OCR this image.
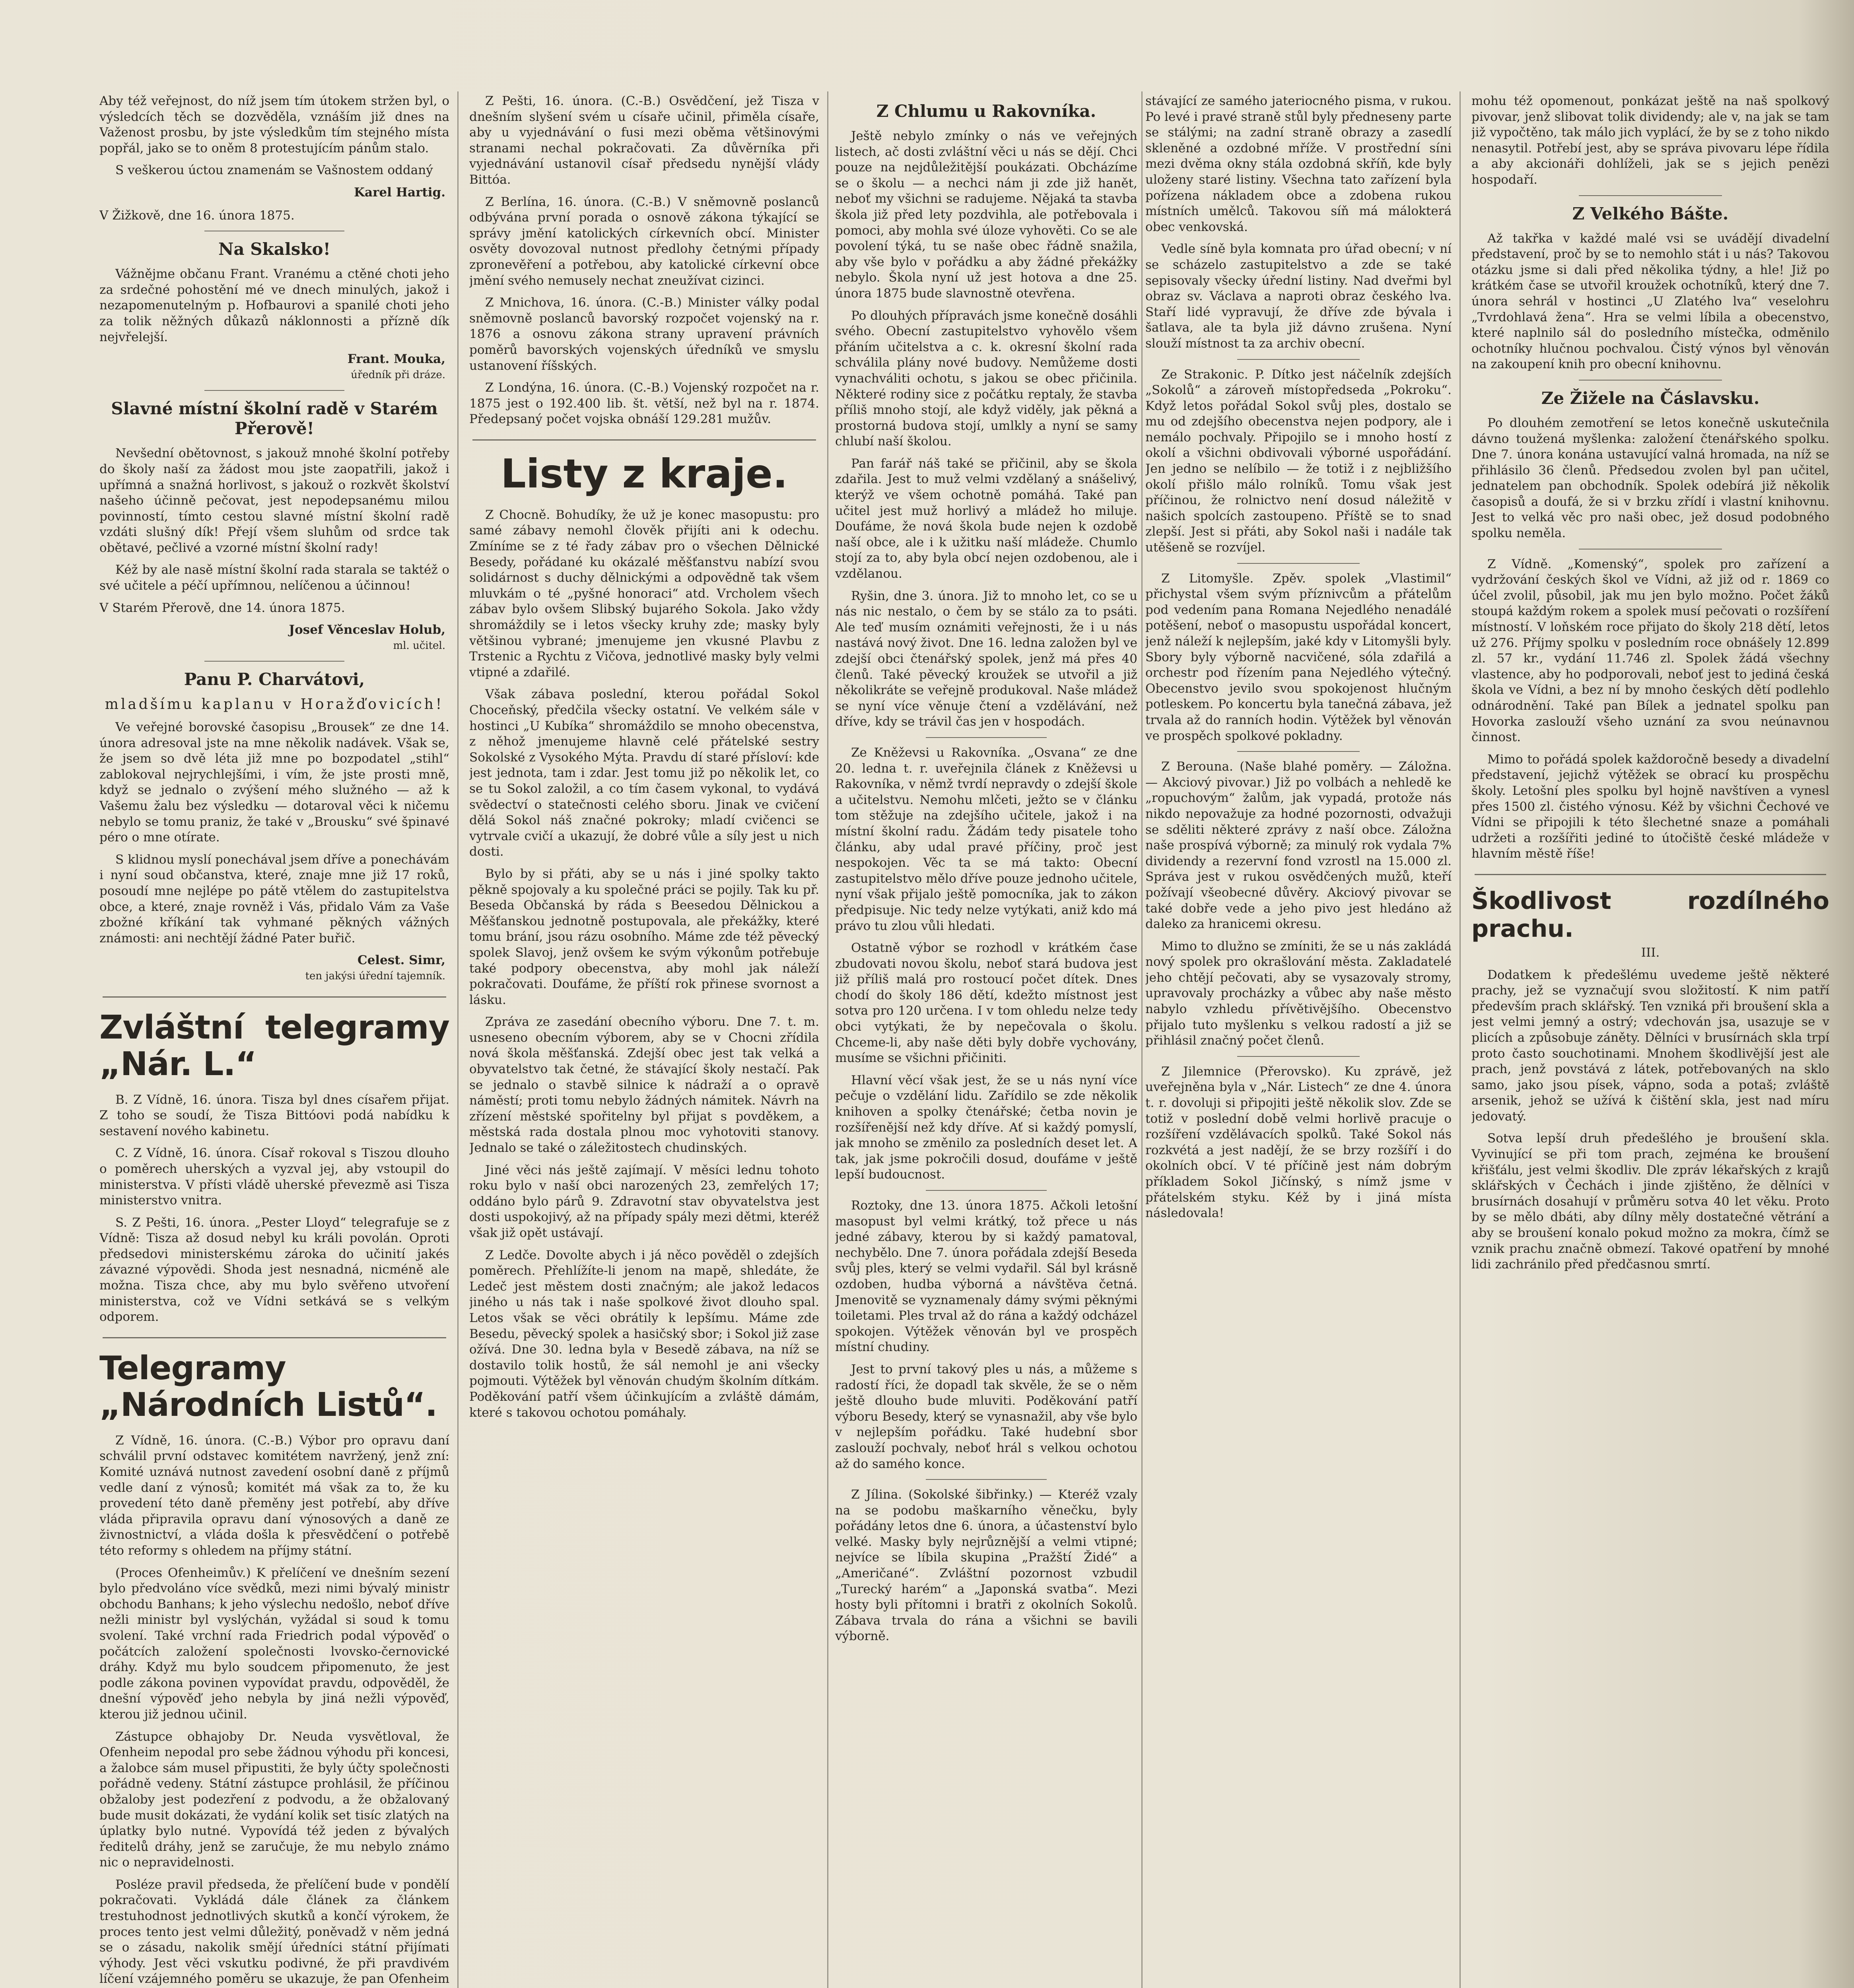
Aby též veřejnost, do níž jsem tím útokem stržen byl, o výsledcích těch se dozvěděla, vznáším již dnes na Važenost prosbu, by jste výsledkům tím stejného místa popřál, jako se to oněm 8 protestujícím pánům stalo.

S veškerou úctou znamenám se Vašnostem oddaný

Karel Hartig.

V Žižkově, dne 16. února 1875.

Na Skalsko!

Vážnějme občanu Frant. Vranému a ctěné choti jeho za srdečné pohostění mé ve dnech minulých, jakož i nezapomenutelným p. Hofbaurovi a spanilé choti jeho za tolik něžných důkazů náklonnosti a přízně dík nejvřelejší.

Frant. Mouka,
úředník při dráze.
Slavné místní školní radě v Starém Přerově!

Nevšední obětovnost, s jakouž mnohé školní potřeby do školy naší za žádost mou jste zaopatřili, jakož i upřímná a snažná horlivost, s jakouž o rozkvět školství našeho účinně pečovat, jest nepodepsanému milou povinností, tímto cestou slavné místní školní radě vzdáti slušný dík! Přejí všem sluhům od srdce tak obětavé, pečlivé a vzorné místní školní rady!

Kéž by ale nasě místní školní rada starala se taktéž o své učitele a péčí upřímnou, nelíčenou a účinnou!

V Starém Přerově, dne 14. února 1875.

Josef Věnceslav Holub,
ml. učitel.
Panu P. Charvátovi,

mladšímu kaplanu v Horažďovicích!

Ve veřejné borovské časopisu „Brousek“ ze dne 14. února adresoval jste na mne několik nadávek. Však se, že jsem so dvě léta již mne po bozpodatel „stihl“ zablokoval nejrychlejšími, i vím, že jste prosti mně, když se jednalo o zvýšení mého služného — až k Vašemu žalu bez výsledku — dotaroval věci k ničemu nebylo se tomu praniz, že také v „Brousku“ své špinavé péro o mne otírate.

S klidnou myslí ponechával jsem dříve a ponechávám i nyní soud občanstva, které, znaje mne již 17 roků, posoudí mne nejlépe po pátě vtělem do zastupitelstva obce, a které, znaje rovněž i Vás, přidalo Vám za Vaše zbožné kříkání tak vyhmané pěkných vážných známosti: ani nechtějí žádné Pater buřič.

Celest. Simr,
ten jakýsi úřední tajemník.
Zvláštní telegramy „Nár. L.“

B. Z Vídně, 16. února. Tisza byl dnes císařem přijat. Z toho se soudí, že Tisza Bittóovi podá nabídku k sestavení nového kabinetu.

C. Z Vídně, 16. února. Císař rokoval s Tiszou dlouho o poměrech uherských a vyzval jej, aby vstoupil do ministerstva. V přísti vládě uherské převezmě asi Tisza ministerstvo vnitra.

S. Z Pešti, 16. února. „Pester Lloyd“ telegrafuje se z Vídně: Tisza až dosud nebyl ku králi povolán. Oproti předsedovi ministerskému zároka do učinití jakés závazné výpovědi. Shoda jest nesnadná, nicméně ale možna. Tisza chce, aby mu bylo svěřeno utvoření ministerstva, což ve Vídni setkává se s velkým odporem.

Telegramy „Národních Listů“.

Z Vídně, 16. února. (C.-B.) Výbor pro opravu daní schválil první odstavec komitétem navržený, jenž zní: Komité uznává nutnost zavedení osobní daně z příjmů vedle daní z výnosů; komitét má však za to, že ku provedení této daně přeměny jest potřebí, aby dříve vláda připravila opravu daní výnosových a daně ze živnostnictví, a vláda došla k přesvědčení o potřebě této reformy s ohledem na příjmy státní.

(Proces Ofenheimův.) K přelíčení ve dnešním sezení bylo předvoláno více svědků, mezi nimi bývalý ministr obchodu Banhans; k jeho výslechu nedošlo, neboť dříve nežli ministr byl vyslýchán, vyžádal si soud k tomu svolení. Také vrchní rada Friedrich podal výpověď o počátcích založení společnosti lvovsko-černovické dráhy. Když mu bylo soudcem připomenuto, že jest podle zákona povinen vypovídat pravdu, odpověděl, že dnešní výpověď jeho nebyla by jiná nežli výpověď, kterou již jednou učinil.

Zástupce obhajoby Dr. Neuda vysvětloval, že Ofenheim nepodal pro sebe žádnou výhodu při koncesi, a žalobce sám musel připustiti, že byly účty společnosti pořádně vedeny. Státní zástupce prohlásil, že příčinou obžaloby jest podezření z podvodu, a že obžalovaný bude musit dokázati, že vydání kolik set tisíc zlatých na úplatky bylo nutné. Vypovídá též jeden z bývalých ředitelů dráhy, jenž se zaručuje, že mu nebylo známo nic o nepravidelnosti.

Posléze pravil předseda, že přelíčení bude v pondělí pokračovati. Vykládá dále článek za článkem trestuhodnost jednotlivých skutků a končí výrokem, že proces tento jest velmi důležitý, poněvadž v něm jedná se o zásadu, nakolik smějí úředníci státní přijímati výhody. Jest věci vskutku podivné, že při pravdivém líčení vzájemného poměru se ukazuje, že pan Ofenheim

Z Pešti, 16. února. (C.-B.) Osvědčení, jež Tisza v dnešním slyšení svém u císaře učinil, přiměla císaře, aby u vyjednávání o fusi mezi oběma většinovými stranami nechal pokračovati. Za důvěrníka při vyjednávání ustanovil císař předsedu nynější vlády Bittóa.

Z Berlína, 16. února. (C.-B.) V sněmovně poslanců odbývána první porada o osnově zákona týkající se správy jmění katolických církevních obcí. Minister osvěty dovozoval nutnost předlohy četnými případy zpronevěření a potřebou, aby katolické církevní obce jmění svého nemusely nechat zneužívat cizinci.

Z Mnichova, 16. února. (C.-B.) Minister války podal sněmovně poslanců bavorský rozpočet vojenský na r. 1876 a osnovu zákona strany upravení právních poměrů bavorských vojenských úředníků ve smyslu ustanovení říšských.

Z Londýna, 16. února. (C.-B.) Vojenský rozpočet na r. 1875 jest o 192.400 lib. št. větší, než byl na r. 1874. Předepsaný počet vojska obnáší 129.281 mužův.

Listy z kraje.

Z Chocně. Bohudíky, že už je konec masopustu: pro samé zábavy nemohl člověk přijíti ani k odechu. Zmíníme se z té řady zábav pro o všechen Dělnické Besedy, pořádané ku okázalé měšťanstvu nabízí svou solidárnost s duchy dělnickými a odpovědně tak všem mluvkám o té „pyšné honoraci“ atd. Vrcholem všech zábav bylo ovšem Slibský bujarého Sokola. Jako vždy shromáždily se i letos všecky kruhy zde; masky byly většinou vybrané; jmenujeme jen vkusné Plavbu z Trstenic a Rychtu z Vičova, jednotlivé masky byly velmi vtipné a zdařilé.

Však zábava poslední, kterou pořádal Sokol Choceňský, předčila všecky ostatní. Ve velkém sále v hostinci „U Kubíka“ shromáždilo se mnoho obecenstva, z něhož jmenujeme hlavně celé přátelské sestry Sokolské z Vysokého Mýta. Pravdu dí staré přísloví: kde jest jednota, tam i zdar. Jest tomu již po několik let, co se tu Sokol založil, a co tím časem vykonal, to vydává svědectví o statečnosti celého sboru. Jinak ve cvičení dělá Sokol náš značné pokroky; mladí cvičenci se vytrvale cvičí a ukazují, že dobré vůle a síly jest u nich dosti.

Bylo by si přáti, aby se u nás i jiné spolky takto pěkně spojovaly a ku společné práci se pojily. Tak ku př. Beseda Občanská by ráda s Beesedou Dělnickou a Měšťanskou jednotně postupovala, ale překážky, které tomu brání, jsou rázu osobního. Máme zde též pěvecký spolek Slavoj, jenž ovšem ke svým výkonům potřebuje také podpory obecenstva, aby mohl jak náleží pokračovati. Doufáme, že příští rok přinese svornost a lásku.

Zpráva ze zasedání obecního výboru. Dne 7. t. m. usneseno obecním výborem, aby se v Chocni zřídila nová škola měšťanská. Zdejší obec jest tak velká a obyvatelstvo tak četné, že stávající školy nestačí. Pak se jednalo o stavbě silnice k nádraží a o opravě náměstí; proti tomu nebylo žádných námitek. Návrh na zřízení městské spořitelny byl přijat s povděkem, a městská rada dostala plnou moc vyhotoviti stanovy. Jednalo se také o záležitostech chudinských.

Jiné věci nás ještě zajímají. V měsíci lednu tohoto roku bylo v naší obci narozených 23, zemřelých 17; oddáno bylo párů 9. Zdravotní stav obyvatelstva jest dosti uspokojivý, až na případy spály mezi dětmi, kteréž však již opět ustávají.

Z Ledče. Dovolte abych i já něco pověděl o zdejších poměrech. Přehlížíte-li jenom na mapě, shledáte, že Ledeč jest městem dosti značným; ale jakož ledacos jiného u nás tak i naše spolkové život dlouho spal. Letos však se věci obrátily k lepšímu. Máme zde Besedu, pěvecký spolek a hasičský sbor; i Sokol již zase ožívá. Dne 30. ledna byla v Besedě zábava, na níž se dostavilo tolik hostů, že sál nemohl je ani všecky pojmouti. Výtěžek byl věnován chudým školním dítkám. Poděkování patří všem účinkujícím a zvláště dámám, které s takovou ochotou pomáhaly.

Z Chlumu u Rakovníka.

Ještě nebylo zmínky o nás ve veřejných listech, ač dosti zvláštní věci u nás se dějí. Chci pouze na nejdůležitější poukázati. Obcházíme se o školu — a nechci nám ji zde již hanět, neboť my všichni se radujeme. Nějaká ta stavba škola již před lety pozdvihla, ale potřebovala i pomoci, aby mohla své úloze vyhověti. Co se ale povolení týká, tu se naše obec řádně snažila, aby vše bylo v pořádku a aby žádné překážky nebylo. Škola nyní už jest hotova a dne 25. února 1875 bude slavnostně otevřena.

Po dlouhých přípravách jsme konečně dosáhli svého. Obecní zastupitelstvo vyhovělo všem přáním učitelstva a c. k. okresní školní rada schválila plány nové budovy. Nemůžeme dosti vynachváliti ochotu, s jakou se obec přičinila. Některé rodiny sice z počátku reptaly, že stavba příliš mnoho stojí, ale když viděly, jak pěkná a prostorná budova stojí, umlkly a nyní se samy chlubí naší školou.

Pan farář náš také se přičinil, aby se škola zdařila. Jest to muž velmi vzdělaný a snášelivý, kterýž ve všem ochotně pomáhá. Také pan učitel jest muž horlivý a mládež ho miluje. Doufáme, že nová škola bude nejen k ozdobě naší obce, ale i k užitku naší mládeže. Chumlo stojí za to, aby byla obcí nejen ozdobenou, ale i vzdělanou.

Ryšin, dne 3. února. Již to mnoho let, co se u nás nic nestalo, o čem by se stálo za to psáti. Ale teď musím oznámiti veřejnosti, že i u nás nastává nový život. Dne 16. ledna založen byl ve zdejší obci čtenářský spolek, jenž má přes 40 členů. Také pěvecký kroužek se utvořil a již několikráte se veřejně produkoval. Naše mládež se nyní více věnuje čtení a vzdělávání, než dříve, kdy se trávil čas jen v hospodách.

Ze Kněževsi u Rakovníka. „Osvana“ ze dne 20. ledna t. r. uveřejnila článek z Kněževsi u Rakovníka, v němž tvrdí nepravdy o zdejší škole a učitelstvu. Nemohu mlčeti, ježto se v článku tom stěžuje na zdejšího učitele, jakož i na místní školní radu. Žádám tedy pisatele toho článku, aby udal pravé příčiny, proč jest nespokojen. Věc ta se má takto: Obecní zastupitelstvo mělo dříve pouze jednoho učitele, nyní však přijalo ještě pomocníka, jak to zákon předpisuje. Nic tedy nelze vytýkati, aniž kdo má právo tu zlou vůli hledati.

Ostatně výbor se rozhodl v krátkém čase zbudovati novou školu, neboť stará budova jest již příliš malá pro rostoucí počet dítek. Dnes chodí do školy 186 dětí, kdežto místnost jest sotva pro 120 určena. I v tom ohledu nelze tedy obci vytýkati, že by nepečovala o školu. Chceme-li, aby naše děti byly dobře vychovány, musíme se všichni přičiniti.

Hlavní věcí však jest, že se u nás nyní více pečuje o vzdělání lidu. Zařídilo se zde několik knihoven a spolky čtenářské; četba novin je rozšířenější než kdy dříve. Ať si každý pomyslí, jak mnoho se změnilo za posledních deset let. A tak, jak jsme pokročili dosud, doufáme v ještě lepší budoucnost.

Roztoky, dne 13. února 1875. Ačkoli letošní masopust byl velmi krátký, tož přece u nás jedné zábavy, kterou by si každý pamatoval, nechybělo. Dne 7. února pořádala zdejší Beseda svůj ples, který se velmi vydařil. Sál byl krásně ozdoben, hudba výborná a návštěva četná. Jmenovitě se vyznamenaly dámy svými pěknými toiletami. Ples trval až do rána a každý odcházel spokojen. Výtěžek věnován byl ve prospěch místní chudiny.

Jest to první takový ples u nás, a můžeme s radostí říci, že dopadl tak skvěle, že se o něm ještě dlouho bude mluviti. Poděkování patří výboru Besedy, který se vynasnažil, aby vše bylo v nejlepším pořádku. Také hudební sbor zaslouží pochvaly, neboť hrál s velkou ochotou až do samého konce.

Z Jílina. (Sokolské šibřinky.) — Kteréž vzaly na se podobu maškarního věnečku, byly pořádány letos dne 6. února, a účastenství bylo velké. Masky byly nejrůznější a velmi vtipné; nejvíce se líbila skupina „Pražští Židé“ a „Američané“. Zvláštní pozornost vzbudil „Turecký harém“ a „Japonská svatba“. Mezi hosty byli přítomni i bratři z okolních Sokolů. Zábava trvala do rána a všichni se bavili výborně.

stávající ze samého jateriocného pisma, v rukou. Po levé i pravé straně stůl byly předneseny parte se stálými; na zadní straně obrazy a zasedlí skleněné a ozdobné mříže. V prostřední síni mezi dvěma okny stála ozdobná skříň, kde byly uloženy staré listiny. Všechna tato zařízení byla pořízena nákladem obce a zdobena rukou místních umělců. Takovou síň má málokterá obec venkovská.

Vedle síně byla komnata pro úřad obecní; v ní se scházelo zastupitelstvo a zde se také sepisovaly všecky úřední listiny. Nad dveřmi byl obraz sv. Václava a naproti obraz českého lva. Staří lidé vypravují, že dříve zde bývala i šatlava, ale ta byla již dávno zrušena. Nyní slouží místnost ta za archiv obecní.

Ze Strakonic. P. Dítko jest náčelník zdejších „Sokolů“ a zároveň místopředseda „Pokroku“. Když letos pořádal Sokol svůj ples, dostalo se mu od zdejšího obecenstva nejen podpory, ale i nemálo pochvaly. Připojilo se i mnoho hostí z okolí a všichni obdivovali výborné uspořádání. Jen jedno se nelíbilo — že totiž i z nejbližšího okolí přišlo málo rolníků. Tomu však jest příčinou, že rolnictvo není dosud náležitě v našich spolcích zastoupeno. Příště se to snad zlepší. Jest si přáti, aby Sokol naši i nadále tak utěšeně se rozvíjel.

Z Litomyšle. Zpěv. spolek „Vlastimil“ přichystal všem svým příznivcům a přátelům pod vedením pana Romana Nejedlého nenadálé potěšení, neboť o masopustu uspořádal koncert, jenž náleží k nejlepším, jaké kdy v Litomyšli byly. Sbory byly výborně nacvičené, sóla zdařilá a orchestr pod řízením pana Nejedlého výtečný. Obecenstvo jevilo svou spokojenost hlučným potleskem. Po koncertu byla tanečná zábava, jež trvala až do ranních hodin. Výtěžek byl věnován ve prospěch spolkové pokladny.

Z Berouna. (Naše blahé poměry. — Záložna. — Akciový pivovar.) Již po volbách a nehledě ke „ropuchovým“ žalům, jak vypadá, protože nás nikdo nepovažuje za hodné pozornosti, odvažuji se sděliti některé zprávy z naší obce. Záložna naše prospívá výborně; za minulý rok vydala 7% dividendy a rezervní fond vzrostl na 15.000 zl. Správa jest v rukou osvědčených mužů, kteří požívají všeobecné důvěry. Akciový pivovar se také dobře vede a jeho pivo jest hledáno až daleko za hranicemi okresu.

Mimo to dlužno se zmíniti, že se u nás zakládá nový spolek pro okrašlování města. Zakladatelé jeho chtějí pečovati, aby se vysazovaly stromy, upravovaly procházky a vůbec aby naše město nabylo vzhledu přívětivějšího. Obecenstvo přijalo tuto myšlenku s velkou radostí a již se přihlásil značný počet členů.

Z Jilemnice (Přerovsko). Ku zprávě, jež uveřejněna byla v „Nár. Listech“ ze dne 4. února t. r. dovoluji si připojiti ještě několik slov. Zde se totiž v poslední době velmi horlivě pracuje o rozšíření vzdělávacích spolků. Také Sokol nás rozkvétá a jest nadějí, že se brzy rozšíří i do okolních obcí. V té příčině jest nám dobrým příkladem Sokol Jičínský, s nímž jsme v přátelském styku. Kéž by i jiná místa následovala!

mohu též opomenout, ponkázat ještě na naš spolkový pivovar, jenž slibovat tolik dividendy; ale v, na jak se tam již vypočtěno, tak málo jich vyplácí, že by se z toho nikdo nenasytil. Potřebí jest, aby se správa pivovaru lépe řídila a aby akcionáři dohlíželi, jak se s jejich penězi hospodaří.

Z Velkého Bášte.

Až takřka v každé malé vsi se uvádějí divadelní představení, proč by se to nemohlo stát i u nás? Takovou otázku jsme si dali před několika týdny, a hle! Již po krátkém čase se utvořil kroužek ochotníků, který dne 7. února sehrál v hostinci „U Zlatého lva“ veselohru „Tvrdohlavá žena“. Hra se velmi líbila a obecenstvo, které naplnilo sál do posledního místečka, odměnilo ochotníky hlučnou pochvalou. Čistý výnos byl věnován na zakoupení knih pro obecní knihovnu.

Ze Žižele na Čáslavsku.

Po dlouhém zemotření se letos konečně uskutečnila dávno toužená myšlenka: založení čtenářského spolku. Dne 7. února konána ustavující valná hromada, na níž se přihlásilo 36 členů. Předsedou zvolen byl pan učitel, jednatelem pan obchodník. Spolek odebírá již několik časopisů a doufá, že si v brzku zřídí i vlastní knihovnu. Jest to velká věc pro naši obec, jež dosud podobného spolku neměla.

Z Vídně. „Komenský“, spolek pro zařízení a vydržování českých škol ve Vídni, až již od r. 1869 co účel zvolil, působil, jak mu jen bylo možno. Počet žáků stoupá každým rokem a spolek musí pečovati o rozšíření místností. V loňském roce přijato do školy 218 dětí, letos už 276. Příjmy spolku v posledním roce obnášely 12.899 zl. 57 kr., vydání 11.746 zl. Spolek žádá všechny vlastence, aby ho podporovali, neboť jest to jediná česká škola ve Vídni, a bez ní by mnoho českých dětí podlehlo odnárodnění. Také pan Bílek a jednatel spolku pan Hovorka zaslouží všeho uznání za svou neúnavnou činnost.

Mimo to pořádá spolek každoročně besedy a divadelní představení, jejichž výtěžek se obrací ku prospěchu školy. Letošní ples spolku byl hojně navštíven a vynesl přes 1500 zl. čistého výnosu. Kéž by všichni Čechové ve Vídni se připojili k této šlechetné snaze a pomáhali udržeti a rozšířiti jediné to útočiště české mládeže v hlavním městě říše!

Škodlivost rozdílného prachu.

III.

Dodatkem k předešlému uvedeme ještě některé prachy, jež se vyznačují svou složitostí. K nim patří především prach sklářský. Ten vzniká při broušení skla a jest velmi jemný a ostrý; vdechován jsa, usazuje se v plicích a způsobuje záněty. Dělníci v brusírnách skla trpí proto často souchotinami. Mnohem škodlivější jest ale prach, jenž povstává z látek, potřebovaných na sklo samo, jako jsou písek, vápno, soda a potaš; zvláště arsenik, jehož se užívá k čištění skla, jest nad míru jedovatý.

Sotva lepší druh předešlého je broušení skla. Vyvinující se při tom prach, zejména ke broušení křišťálu, jest velmi škodliv. Dle zpráv lékařských z krajů sklářských v Čechách i jinde zjištěno, že dělníci v brusírnách dosahují v průměru sotva 40 let věku. Proto by se mělo dbáti, aby dílny měly dostatečné větrání a aby se broušení konalo pokud možno za mokra, čímž se vznik prachu značně obmezí. Takové opatření by mnohé lidi zachránilo před předčasnou smrtí.
